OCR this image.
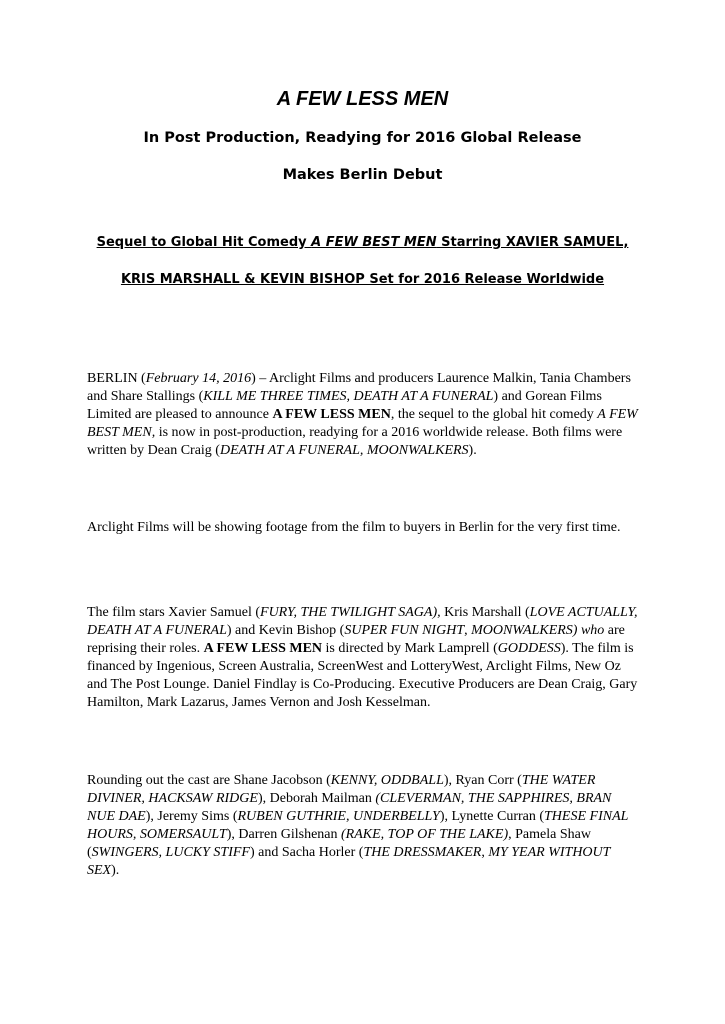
A FEW LESS MEN
In Post Production, Readying for 2016 Global Release
Makes Berlin Debut
Sequel to Global Hit Comedy A FEW BEST MEN Starring XAVIER SAMUEL,
KRIS MARSHALL & KEVIN BISHOP Set for 2016 Release Worldwide

BERLIN (February 14, 2016) – Arclight Films and producers Laurence Malkin, Tania Chambers and Share Stallings (KILL ME THREE TIMES, DEATH AT A FUNERAL) and Gorean Films Limited are pleased to announce A FEW LESS MEN, the sequel to the global hit comedy A FEW BEST MEN, is now in post-production, readying for a 2016 worldwide release. Both films were written by Dean Craig (DEATH AT A FUNERAL, MOONWALKERS).

Arclight Films will be showing footage from the film to buyers in Berlin for the very first time.

The film stars Xavier Samuel (FURY, THE TWILIGHT SAGA), Kris Marshall (LOVE ACTUALLY, DEATH AT A FUNERAL) and Kevin Bishop (SUPER FUN NIGHT, MOONWALKERS) who are reprising their roles. A FEW LESS MEN is directed by Mark Lamprell (GODDESS). The film is financed by Ingenious, Screen Australia, ScreenWest and LotteryWest, Arclight Films, New Oz and The Post Lounge. Daniel Findlay is Co-Producing. Executive Producers are Dean Craig, Gary Hamilton, Mark Lazarus, James Vernon and Josh Kesselman.

Rounding out the cast are Shane Jacobson (KENNY, ODDBALL), Ryan Corr (THE WATER DIVINER, HACKSAW RIDGE), Deborah Mailman (CLEVERMAN, THE SAPPHIRES, BRAN NUE DAE), Jeremy Sims (RUBEN GUTHRIE, UNDERBELLY), Lynette Curran (THESE FINAL HOURS, SOMERSAULT), Darren Gilshenan (RAKE, TOP OF THE LAKE), Pamela Shaw (SWINGERS, LUCKY STIFF) and Sacha Horler (THE DRESSMAKER, MY YEAR WITHOUT SEX).
